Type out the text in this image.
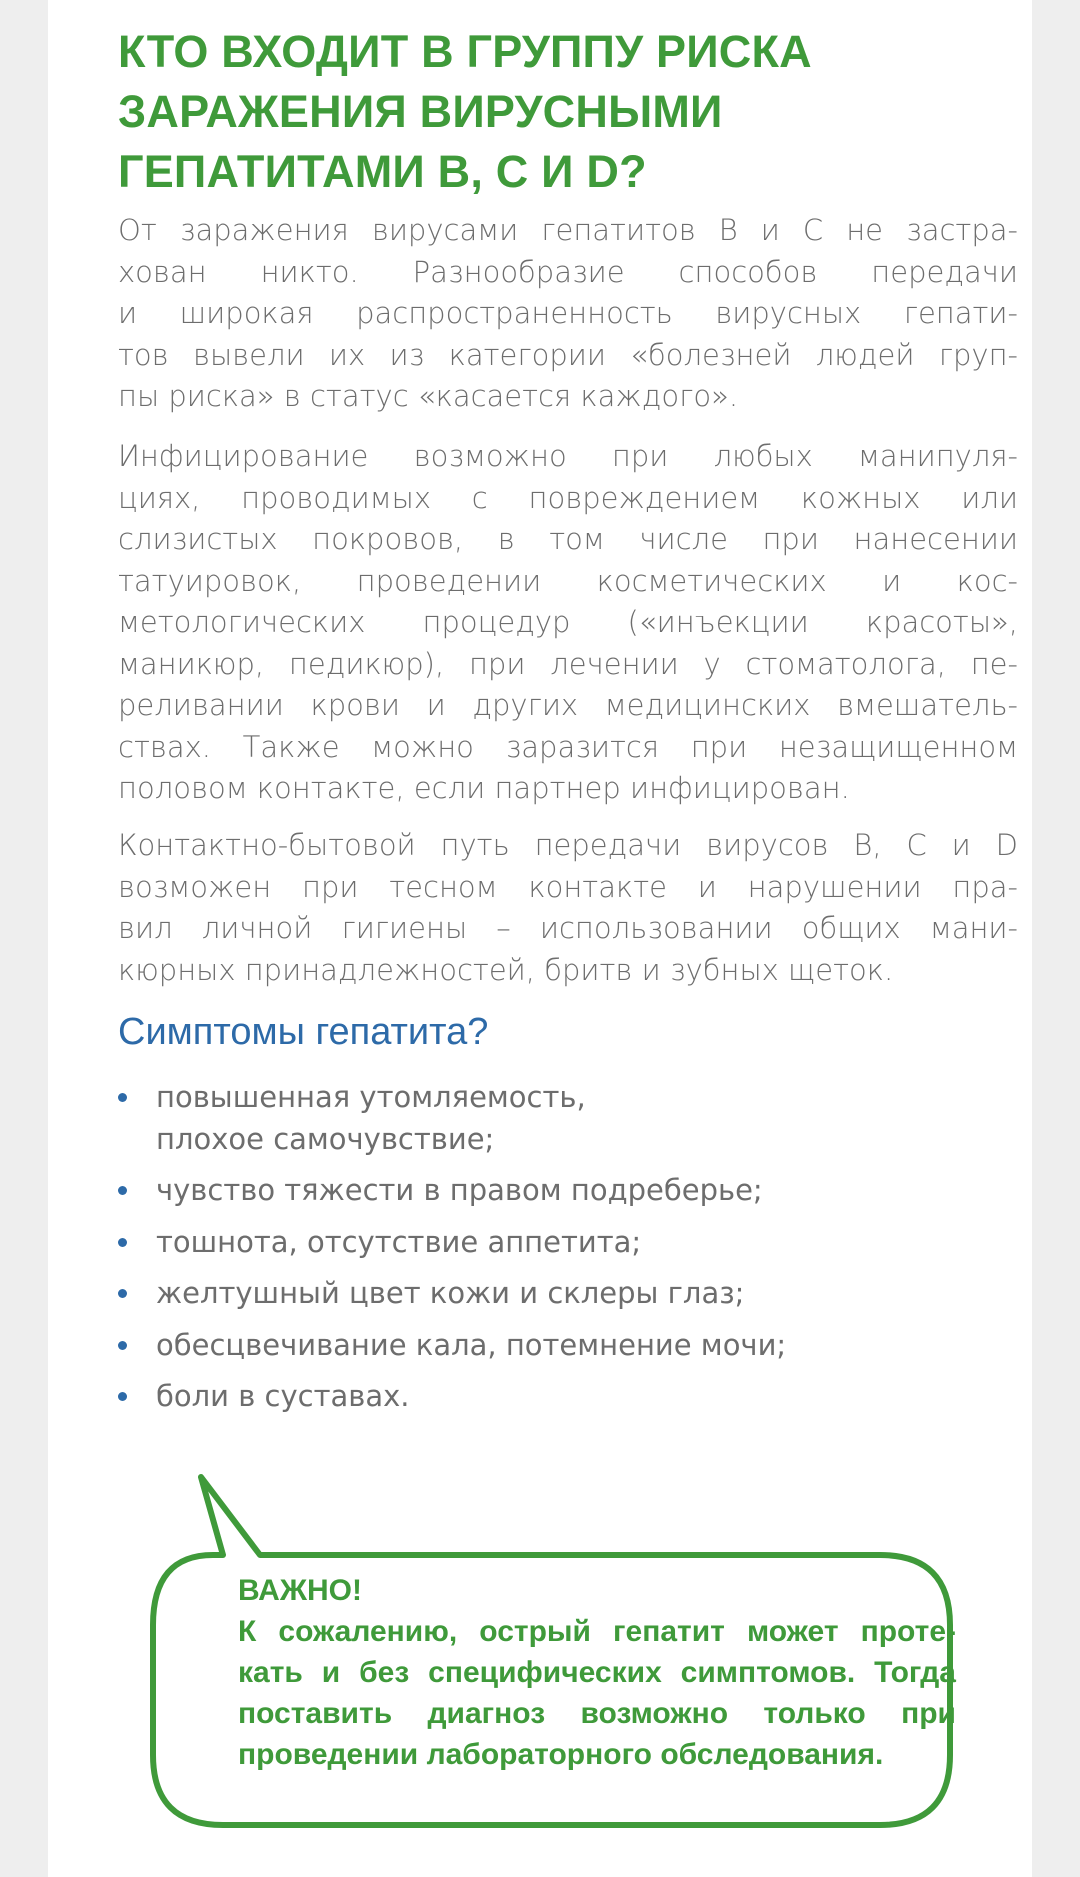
КТО ВХОДИТ В ГРУППУ РИСКА
ЗАРАЖЕНИЯ ВИРУСНЫМИ
ГЕПАТИТАМИ B, C И D?

От заражения вирусами гепатитов В и С не застра-
хован никто. Разнообразие способов передачи
и широкая распространенность вирусных гепати-
тов вывели их из категории «болезней людей груп-
пы риска» в статус «касается каждого».

Инфицирование возможно при любых манипуля-
циях, проводимых с повреждением кожных или
слизистых покровов, в том числе при нанесении
татуировок, проведении косметических и кос-
метологических процедур («инъекции красоты»,
маникюр, педикюр), при лечении у стоматолога, пе-
реливании крови и других медицинских вмешатель-
ствах. Также можно заразится при незащищенном
половом контакте, если партнер инфицирован.

Контактно-бытовой путь передачи вирусов В, С и D
возможен при тесном контакте и нарушении пра-
вил личной гигиены – использовании общих мани-
кюрных принадлежностей, бритв и зубных щеток.

Симптомы гепатита?
повышенная утомляемость, плохое самочувствие;
чувство тяжести в правом подреберье;
тошнота, отсутствие аппетита;
желтушный цвет кожи и склеры глаз;
обесцвечивание кала, потемнение мочи;
боли в суставах.
ВАЖНО!
К сожалению, острый гепатит может проте-
кать и без специфических симптомов. Тогда
поставить диагноз возможно только при
проведении лабораторного обследования.
